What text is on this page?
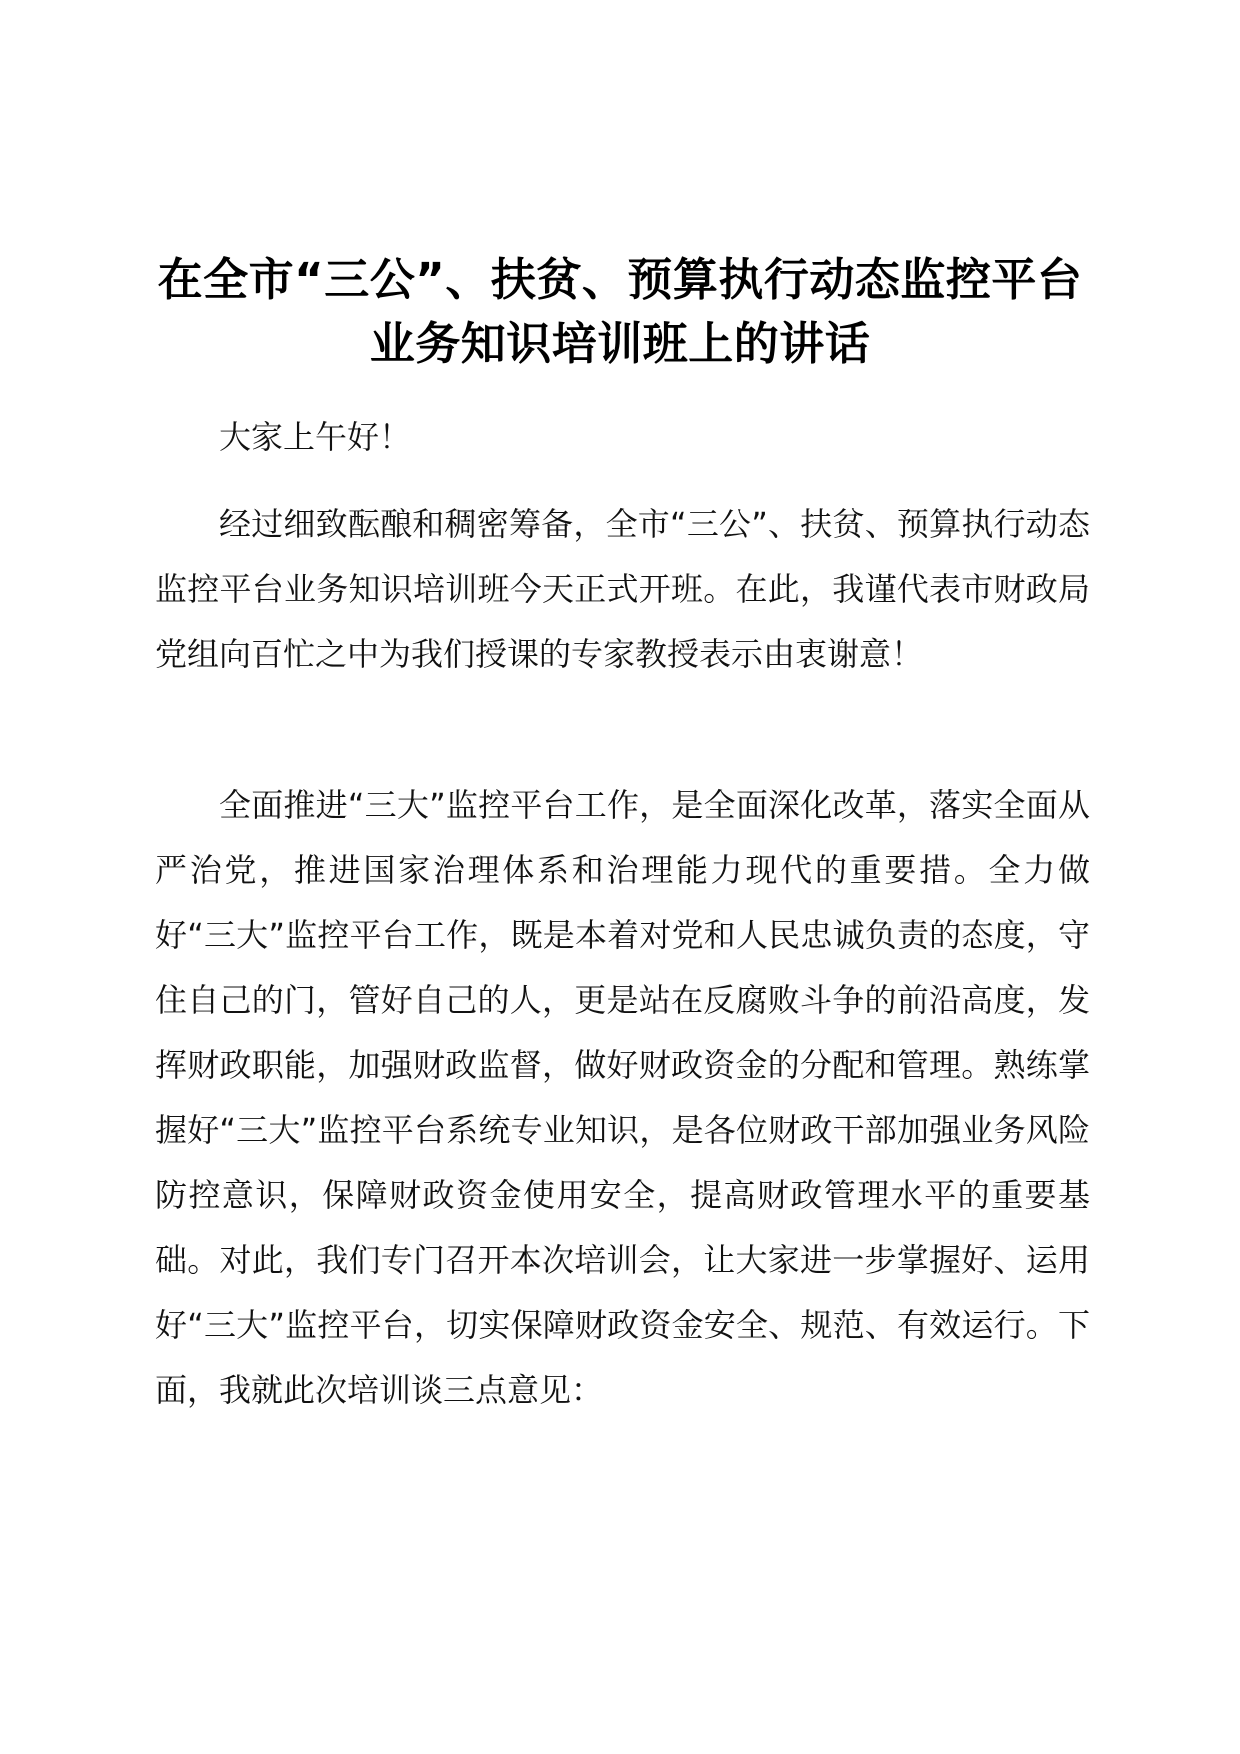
在全市“三公”、扶贫、预算执行动态监控平台业务知识培训班上的讲话

大家上午好！

经过细致酝酿和稠密筹备，全市“三公”、扶贫、预算执行动态监控平台业务知识培训班今天正式开班。在此，我谨代表市财政局党组向百忙之中为我们授课的专家教授表示由衷谢意！

全面推进“三大”监控平台工作，是全面深化改革，落实全面从严治党，推进国家治理体系和治理能力现代的重要措。全力做好“三大”监控平台工作，既是本着对党和人民忠诚负责的态度，守住自己的门，管好自己的人，更是站在反腐败斗争的前沿高度，发挥财政职能，加强财政监督，做好财政资金的分配和管理。熟练掌握好“三大”监控平台系统专业知识，是各位财政干部加强业务风险防控意识，保障财政资金使用安全，提高财政管理水平的重要基础。对此，我们专门召开本次培训会，让大家进一步掌握好、运用好“三大”监控平台，切实保障财政资金安全、规范、有效运行。下面，我就此次培训谈三点意见：
